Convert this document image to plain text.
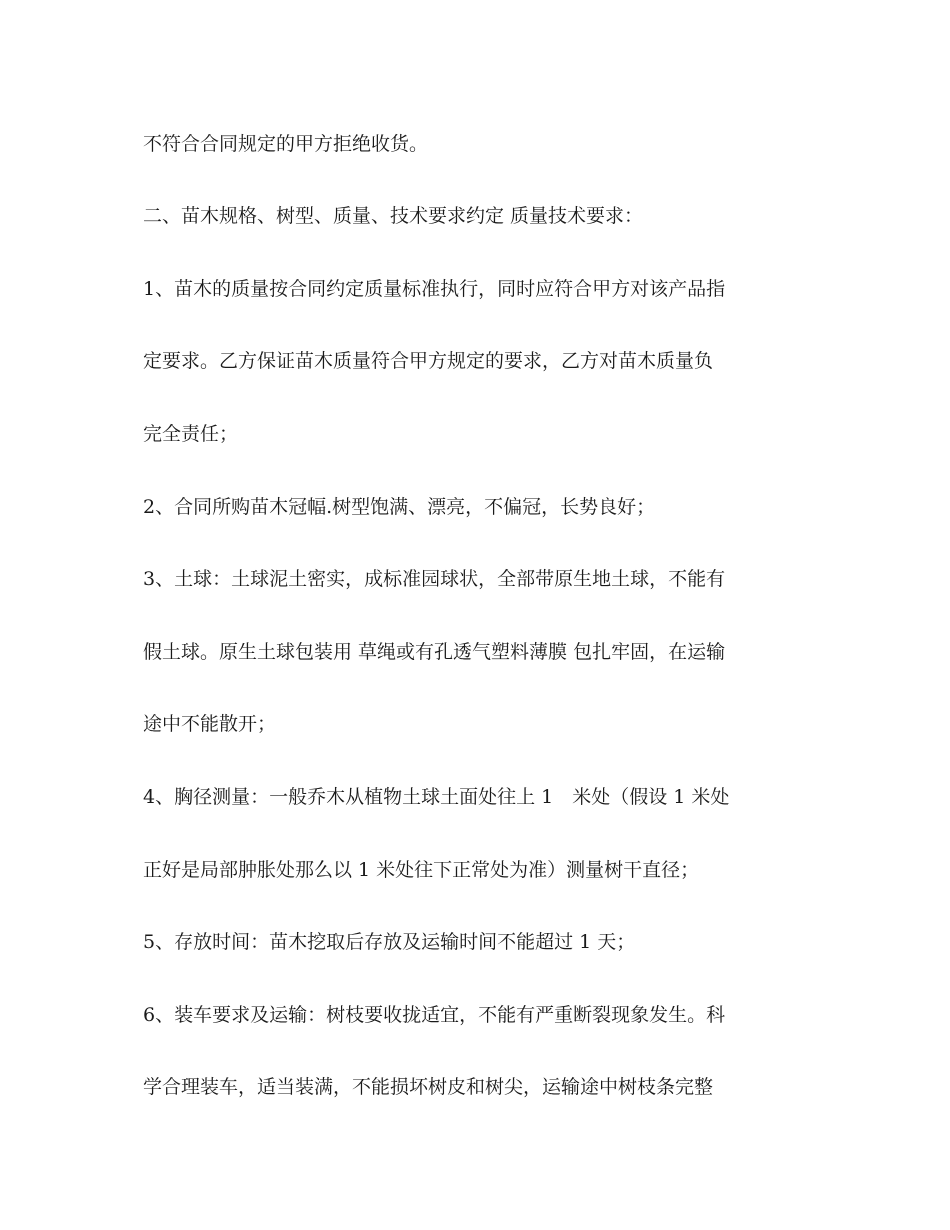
不符合合同规定的甲方拒绝收货。
二、苗木规格、树型、质量、技术要求约定 质量技术要求：
1、苗木的质量按合同约定质量标准执行，同时应符合甲方对该产品指
定要求。乙方保证苗木质量符合甲方规定的要求，乙方对苗木质量负
完全责任；
2、合同所购苗木冠幅.树型饱满、漂亮，不偏冠，长势良好；
3、土球：土球泥土密实，成标准园球状，全部带原生地土球，不能有
假土球。原生土球包装用 草绳或有孔透气塑料薄膜 包扎牢固，在运输
途中不能散开；
4、胸径测量：一般乔木从植物土球土面处往上 1　米处（假设 1 米处
正好是局部肿胀处那么以 1 米处往下正常处为准）测量树干直径；
5、存放时间：苗木挖取后存放及运输时间不能超过 1 天；
6、装车要求及运输：树枝要收拢适宜，不能有严重断裂现象发生。科
学合理装车，适当装满，不能损坏树皮和树尖，运输途中树枝条完整
